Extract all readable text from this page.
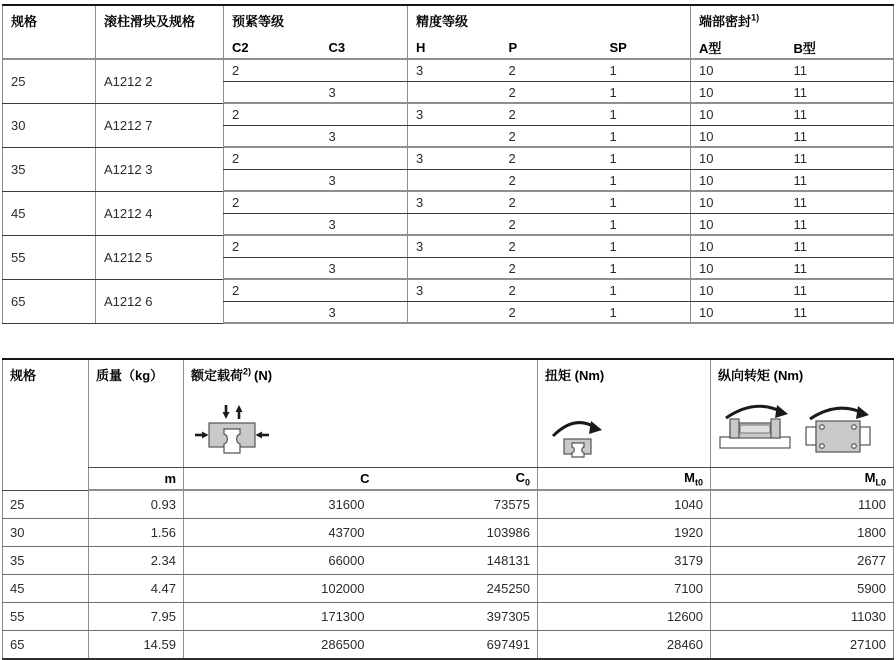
规格	滚柱滑块及规格	预紧等级		精度等级			端部密封$^{1)}$
		C2	C3	H	P	SP	A型	B型
25	A1212 2	2		3	2	1	10	11
			3		2	1	10	11
30	A1212 7	2		3	2	1	10	11
			3		2	1	10	11
35	A1212 3	2		3	2	1	10	11
			3		2	1	10	11
45	A1212 4	2		3	2	1	10	11
			3		2	1	10	11
55	A1212 5	2		3	2	1	10	11
			3		2	1	10	11
65	A1212 6	2		3	2	1	10	11
			3		2	1	10	11
规格	质量（kg）	额定载荷$^{2)}$ (N)		扭矩 (Nm)	纵向转矩 (Nm)

	m	C	$C_0$	$M_{t0}$	$M_{L0}$
25	0.93	31600	73575	1040	1100
30	1.56	43700	103986	1920	1800
35	2.34	66000	148131	3179	2677
45	4.47	102000	245250	7100	5900
55	7.95	171300	397305	12600	11030
65	14.59	286500	697491	28460	27100
